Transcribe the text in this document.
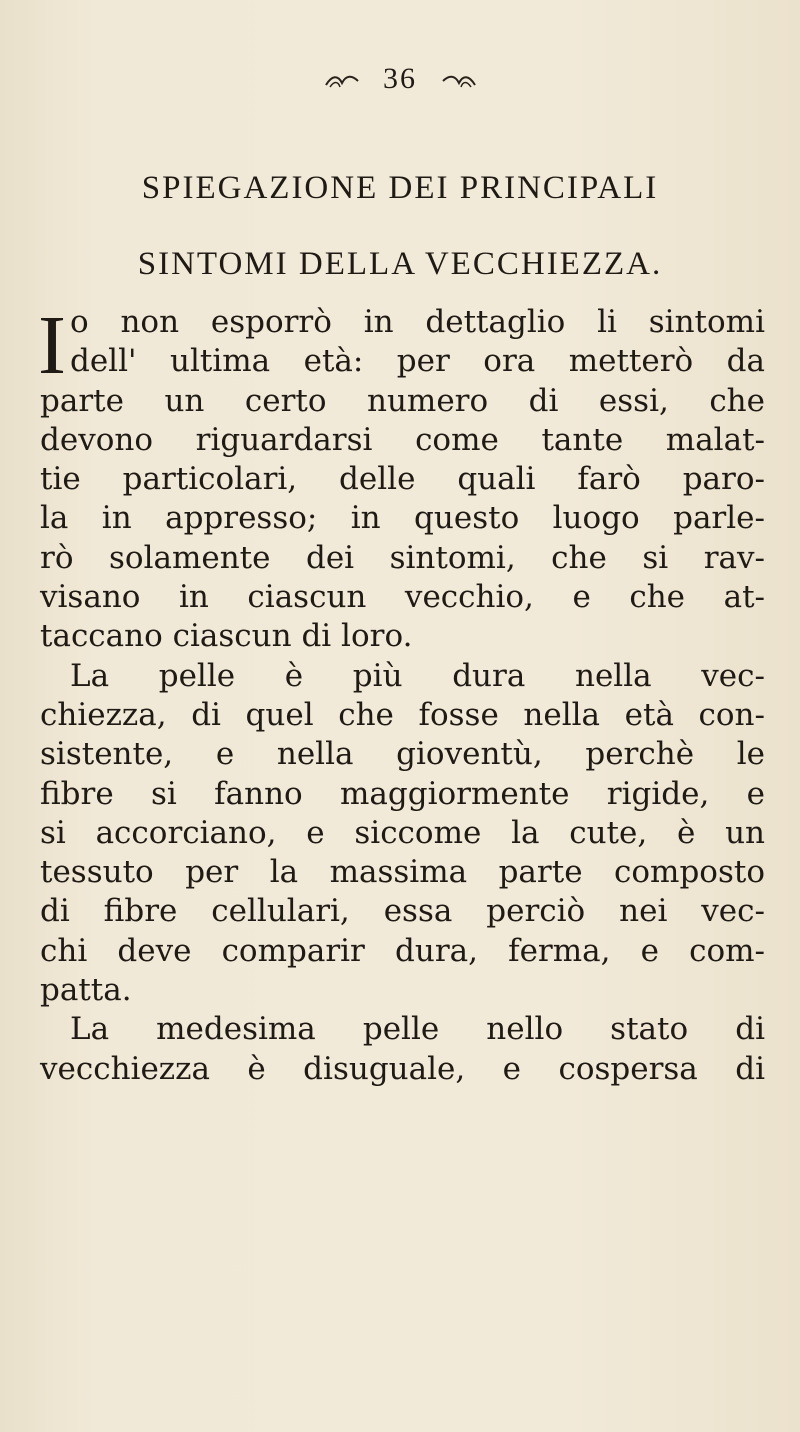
36
SPIEGAZIONE DEI PRINCIPALI
SINTOMI DELLA VECCHIEZZA.
I o non esporrò in dettaglio li sintomi
dell' ultima età: per ora metterò da
parte un certo numero di essi, che
devono riguardarsi come tante malat-
tie particolari, delle quali farò paro-
la in appresso; in questo luogo parle-
rò solamente dei sintomi, che si rav-
visano in ciascun vecchio, e che at-
taccano ciascun di loro.
La pelle è più dura nella vec-
chiezza, di quel che fosse nella età con-
sistente, e nella gioventù, perchè le
fibre si fanno maggiormente rigide, e
si accorciano, e siccome la cute, è un
tessuto per la massima parte composto
di fibre cellulari, essa perciò nei vec-
chi deve comparir dura, ferma, e com-
patta.
La medesima pelle nello stato di
vecchiezza è disuguale, e cospersa di
